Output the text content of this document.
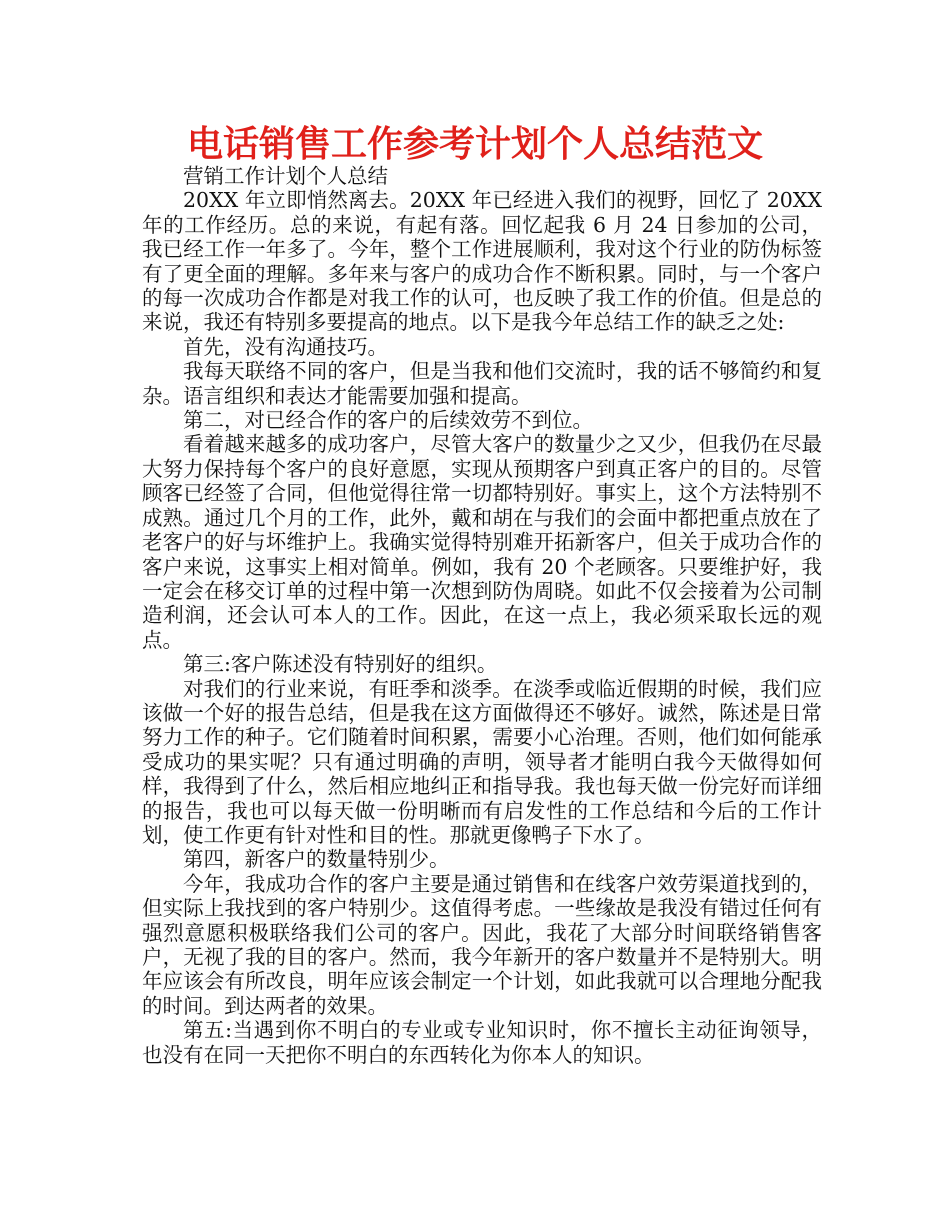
电话销售工作参考计划个人总结范文

营销工作计划个人总结

20XX 年立即悄然离去。20XX 年已经进入我们的视野，回忆了 20XX 年的工作经历。总的来说，有起有落。回忆起我 6 月 24 日参加的公司，我已经工作一年多了。今年，整个工作进展顺利，我对这个行业的防伪标签有了更全面的理解。多年来与客户的成功合作不断积累。同时，与一个客户的每一次成功合作都是对我工作的认可，也反映了我工作的价值。但是总的来说，我还有特别多要提高的地点。以下是我今年总结工作的缺乏之处:

首先，没有沟通技巧。

我每天联络不同的客户，但是当我和他们交流时，我的话不够简约和复杂。语言组织和表达才能需要加强和提高。

第二，对已经合作的客户的后续效劳不到位。

看着越来越多的成功客户，尽管大客户的数量少之又少，但我仍在尽最大努力保持每个客户的良好意愿，实现从预期客户到真正客户的目的。尽管顾客已经签了合同，但他觉得往常一切都特别好。事实上，这个方法特别不成熟。通过几个月的工作，此外，戴和胡在与我们的会面中都把重点放在了老客户的好与坏维护上。我确实觉得特别难开拓新客户，但关于成功合作的客户来说，这事实上相对简单。例如，我有 20 个老顾客。只要维护好，我一定会在移交订单的过程中第一次想到防伪周晓。如此不仅会接着为公司制造利润，还会认可本人的工作。因此，在这一点上，我必须采取长远的观点。

第三:客户陈述没有特别好的组织。

对我们的行业来说，有旺季和淡季。在淡季或临近假期的时候，我们应该做一个好的报告总结，但是我在这方面做得还不够好。诚然，陈述是日常努力工作的种子。它们随着时间积累，需要小心治理。否则，他们如何能承受成功的果实呢？只有通过明确的声明，领导者才能明白我今天做得如何样，我得到了什么，然后相应地纠正和指导我。我也每天做一份完好而详细的报告，我也可以每天做一份明晰而有启发性的工作总结和今后的工作计划，使工作更有针对性和目的性。那就更像鸭子下水了。

第四，新客户的数量特别少。

今年，我成功合作的客户主要是通过销售和在线客户效劳渠道找到的，但实际上我找到的客户特别少。这值得考虑。一些缘故是我没有错过任何有强烈意愿积极联络我们公司的客户。因此，我花了大部分时间联络销售客户，无视了我的目的客户。然而，我今年新开的客户数量并不是特别大。明年应该会有所改良，明年应该会制定一个计划，如此我就可以合理地分配我的时间。到达两者的效果。

第五:当遇到你不明白的专业或专业知识时，你不擅长主动征询领导，也没有在同一天把你不明白的东西转化为你本人的知识。
